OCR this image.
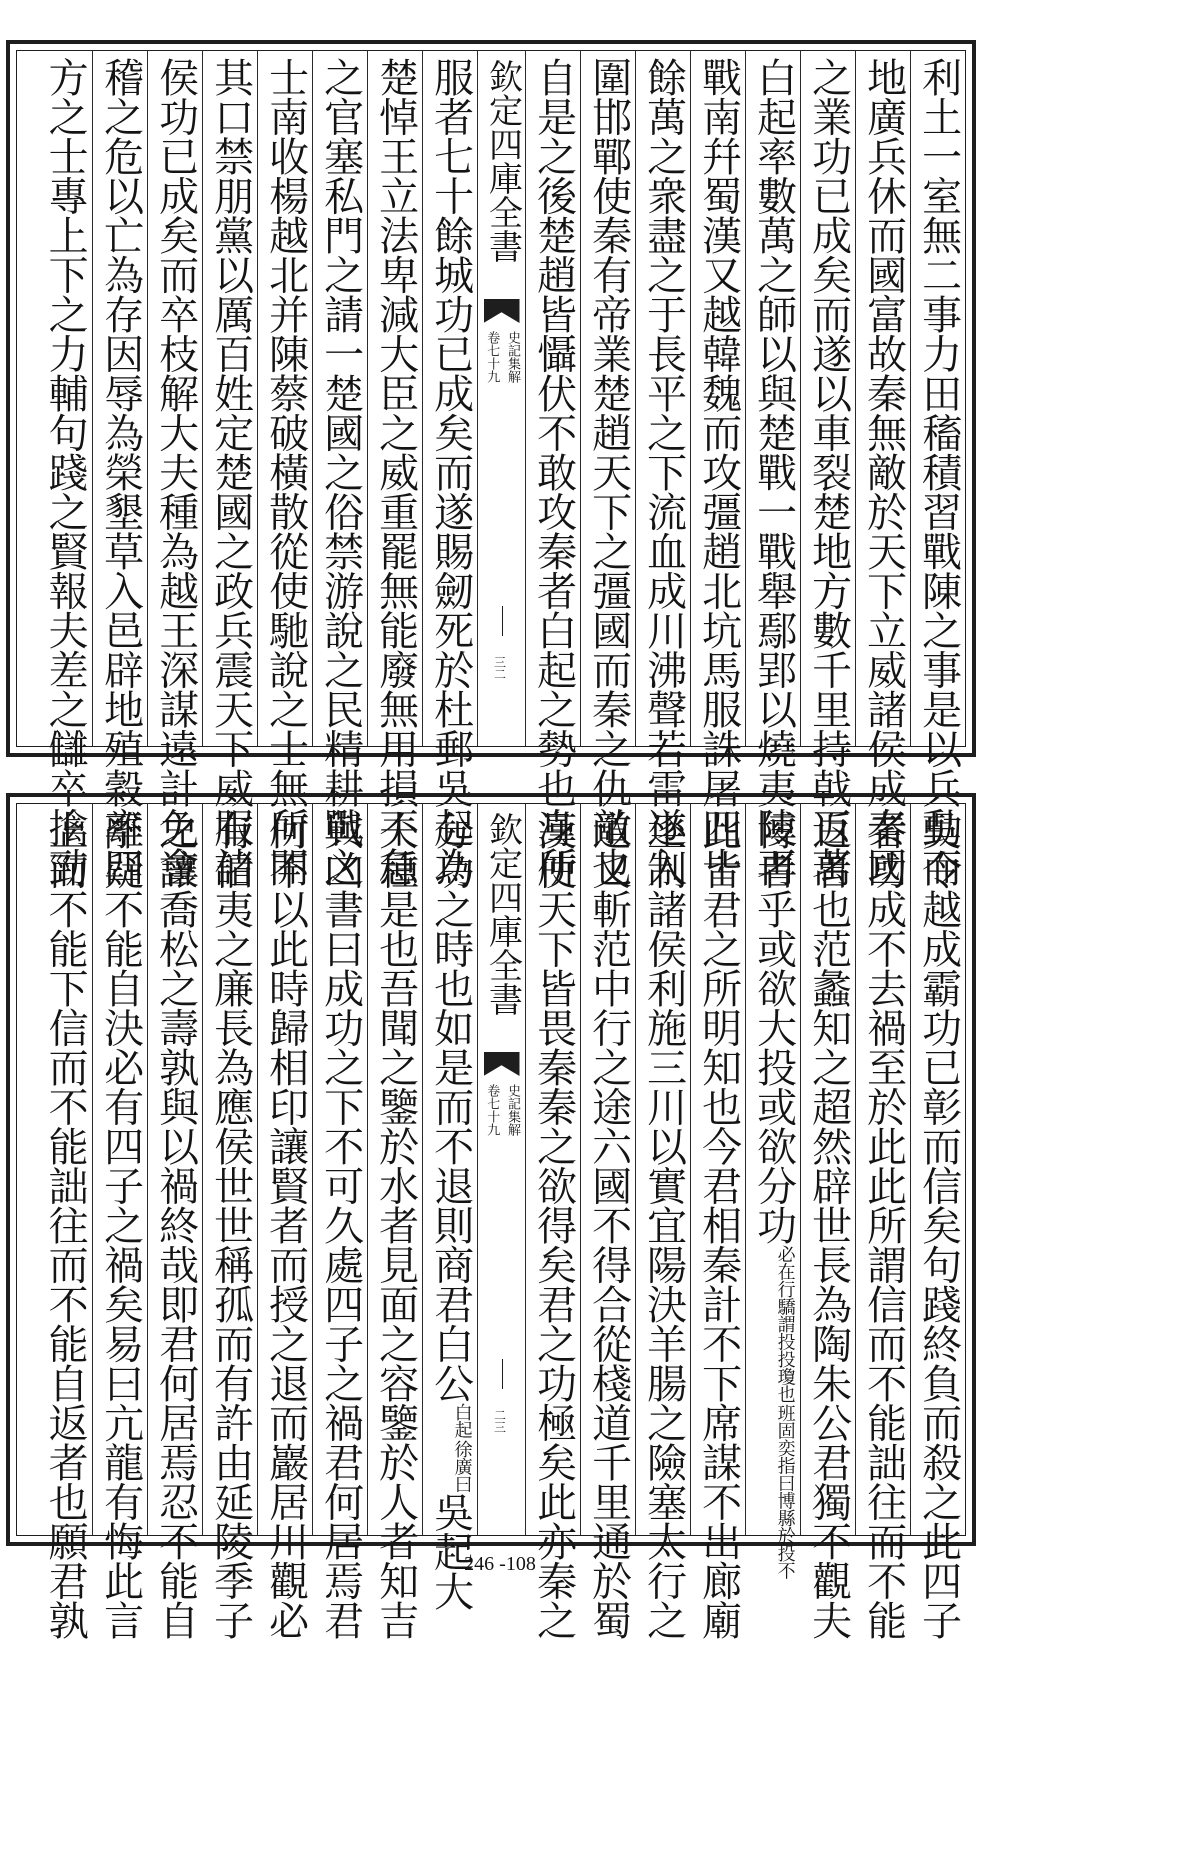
利土一室無二事力田稸積習戰陳之事是以兵動而
地廣兵休而國富故秦無敵於天下立威諸侯成秦國
之業功已成矣而遂以車裂楚地方數千里持戟百萬
白起率數萬之師以與楚戰一戰舉鄢郢以燒夷陵再
戰南幷蜀漢又越韓魏而攻彊趙北坑馬服誅屠四十
餘萬之衆盡之于長平之下流血成川沸聲若雷遂入
圍邯鄲使秦有帝業楚趙天下之彊國而秦之仇敵也
自是之後楚趙皆懾伏不敢攻秦者白起之勢也身所
欽定四庫全書
史記集解
卷七十九
三二
服者七十餘城功已成矣而遂賜劒死於杜郵吳起為
楚悼王立法卑減大臣之威重罷無能廢無用損不急
之官塞私門之請一楚國之俗禁游說之民精耕戰之
士南收楊越北并陳蔡破橫散從使馳說之士無所開
其口禁朋黨以厲百姓定楚國之政兵震天下威服諸
侯功已成矣而卒枝解大夫種為越王深謀遠計免會
稽之危以亡為存因辱為榮墾草入邑辟地殖穀率四
方之士專上下之力輔句踐之賢報夫差之讎卒擒勁
吳令越成霸功已彰而信矣句踐終負而殺之此四子
者功成不去禍至於此此所謂信而不能詘往而不能
返者也范蠡知之超然辟世長為陶朱公君獨不觀夫
博者乎或欲大投或欲分功
班固奕指曰博縣於投不
必在行驕謂投投瓊也
此皆君之所明知也今君相秦計不下席謀不出廊廟
坐制諸侯利施三川以實宜陽決羊腸之險塞太行之
道又斬范中行之途六國不得合從棧道千里通於蜀
漢使天下皆畏秦秦之欲得矣君之功極矣此亦秦之
欽定四庫全書
史記集解
卷七十九
二三
分功之時也如是而不退則商君白公
徐廣曰
白起
吳起大
夫種是也吾聞之鑒於水者見面之容鑒於人者知吉
與凶書曰成功之下不可久處四子之禍君何居焉君
何不以此時歸相印讓賢者而授之退而巖居川觀必
有伯夷之廉長為應侯世世稱孤而有許由延陵季子
之讓喬松之壽孰與以禍終哉即君何居焉忍不能自
離疑不能自決必有四子之禍矣易曰亢龍有悔此言
上而不能下信而不能詘往而不能自返者也願君孰	246 -108
